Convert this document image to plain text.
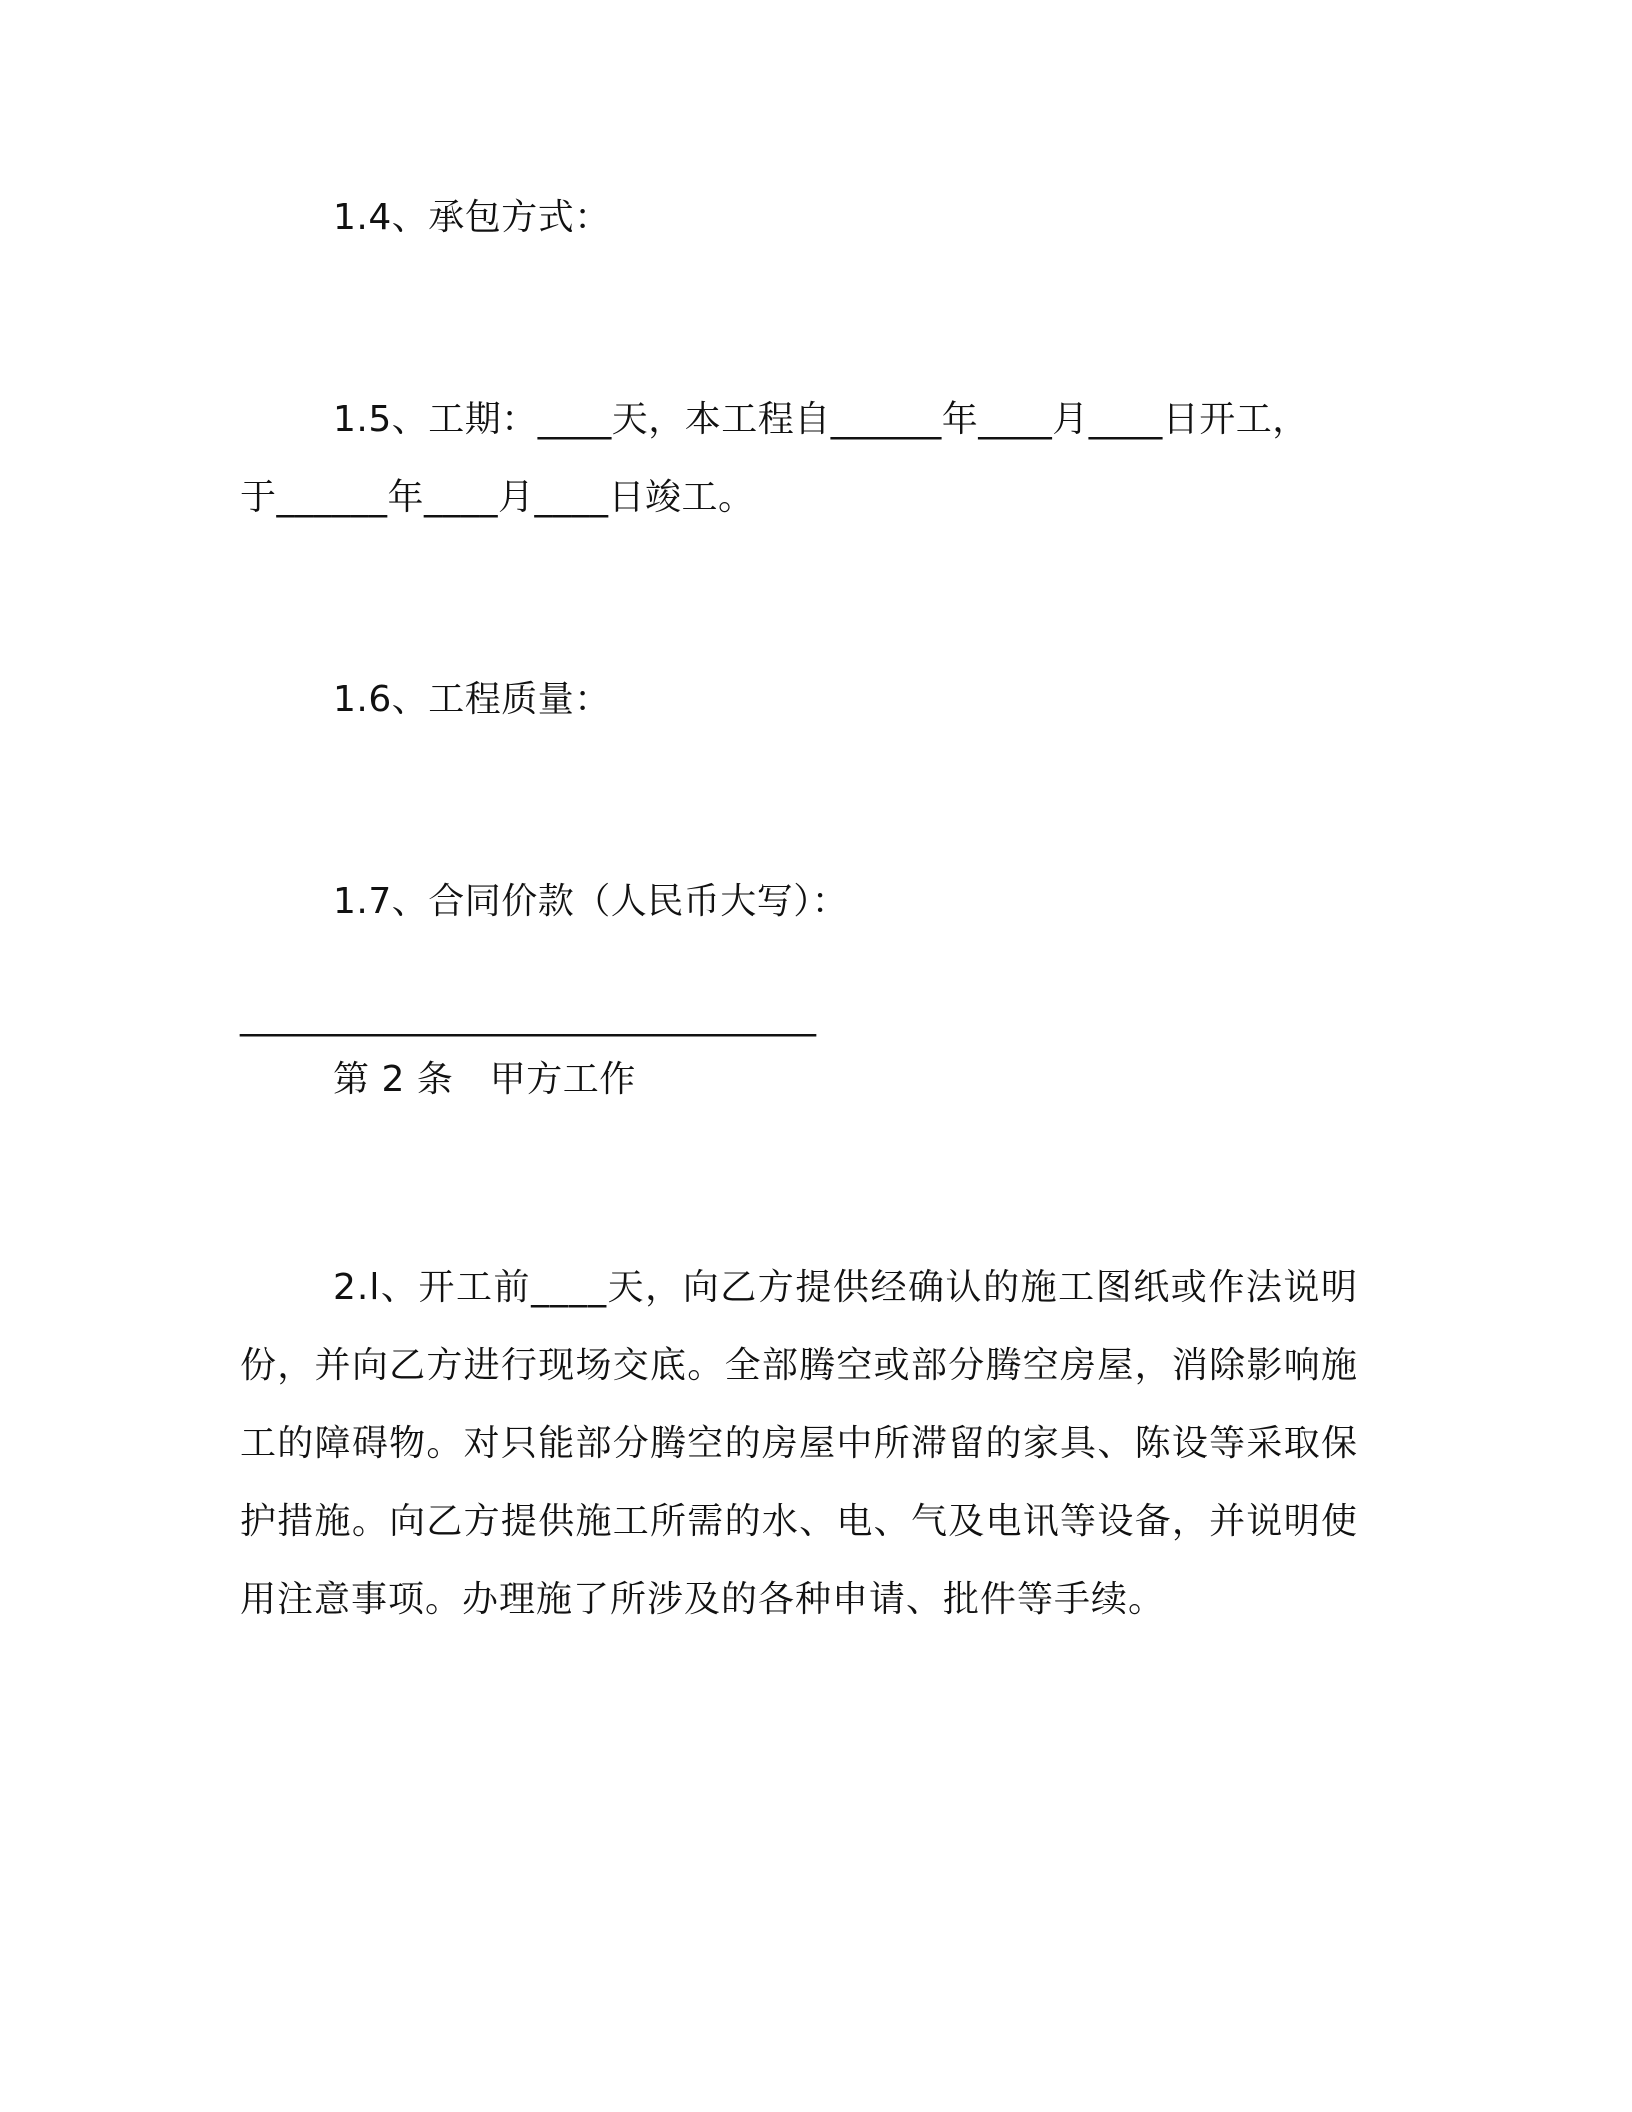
1.4、承包方式：
1.5、工期：____天，本工程自______年____月____日开工，
于______年____月____日竣工。
1.6、工程质量：
1.7、合同价款（人民币大写）：
________________________________
第 2 条　甲方工作
2.l、开工前____天，向乙方提供经确认的施工图纸或作法说明份，并向乙方进行现场交底。全部腾空或部分腾空房屋，消除影响施工的障碍物。对只能部分腾空的房屋中所滞留的家具、陈设等采取保护措施。向乙方提供施工所需的水、电、气及电讯等设备，并说明使用注意事项。办理施了所涉及的各种申请、批件等手续。
